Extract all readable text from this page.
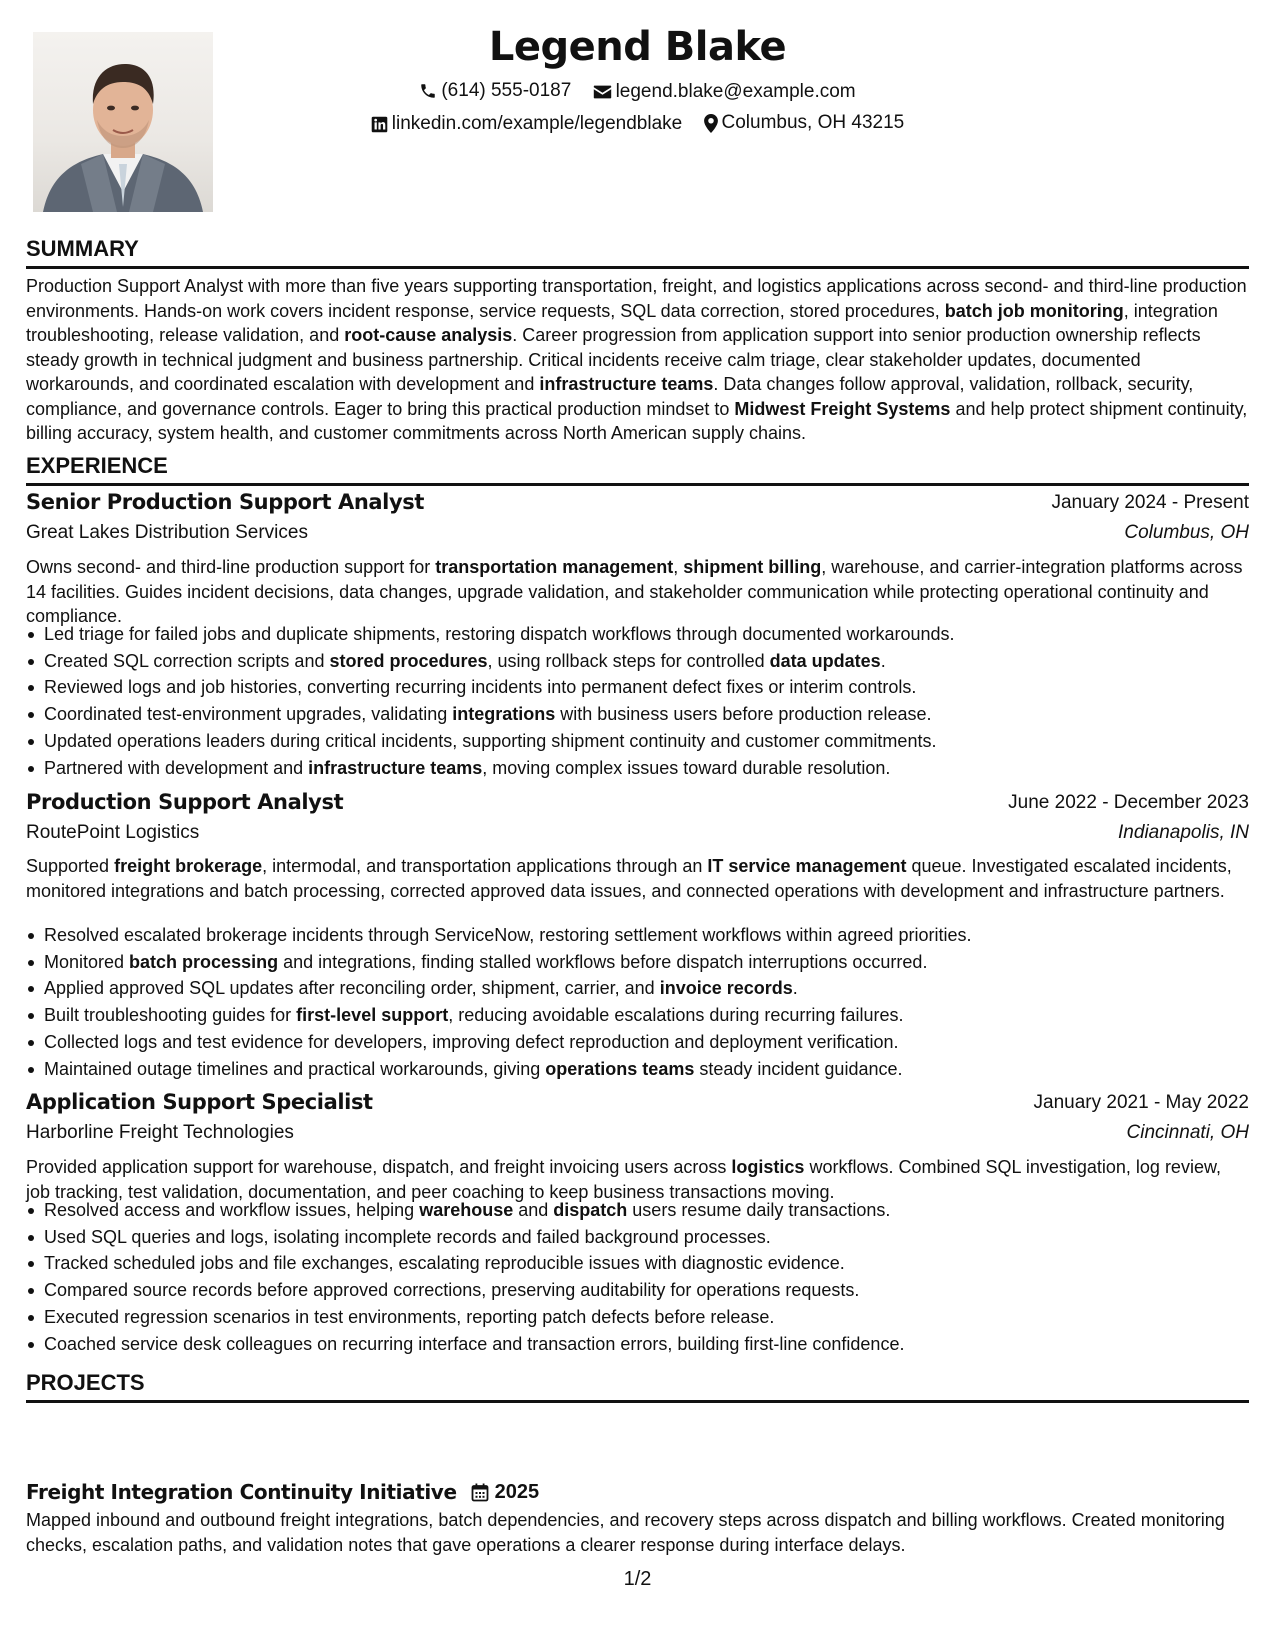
Legend Blake
(614) 555-0187
legend.blake@example.com
linkedin.com/example/legendblake
Columbus, OH 43215
SUMMARY

Production Support Analyst with more than five years supporting transportation, freight, and logistics applications across second- and third-line production environments. Hands-on work covers incident response, service requests, SQL data correction, stored procedures, batch job monitoring, integration troubleshooting, release validation, and root-cause analysis. Career progression from application support into senior production ownership reflects steady growth in technical judgment and business partnership. Critical incidents receive calm triage, clear stakeholder updates, documented workarounds, and coordinated escalation with development and infrastructure teams. Data changes follow approval, validation, rollback, security, compliance, and governance controls. Eager to bring this practical production mindset to Midwest Freight Systems and help protect shipment continuity, billing accuracy, system health, and customer commitments across North American supply chains.

EXPERIENCE
Senior Production Support Analyst	January 2024 - Present
Great Lakes Distribution Services	Columbus, OH

Owns second- and third-line production support for transportation management, shipment billing, warehouse, and carrier-integration platforms across 14 facilities. Guides incident decisions, data changes, upgrade validation, and stakeholder communication while protecting operational continuity and compliance.

Led triage for failed jobs and duplicate shipments, restoring dispatch workflows through documented workarounds.
Created SQL correction scripts and stored procedures, using rollback steps for controlled data updates.
Reviewed logs and job histories, converting recurring incidents into permanent defect fixes or interim controls.
Coordinated test-environment upgrades, validating integrations with business users before production release.
Updated operations leaders during critical incidents, supporting shipment continuity and customer commitments.
Partnered with development and infrastructure teams, moving complex issues toward durable resolution.
Production Support Analyst	June 2022 - December 2023
RoutePoint Logistics	Indianapolis, IN

Supported freight brokerage, intermodal, and transportation applications through an IT service management queue. Investigated escalated incidents, monitored integrations and batch processing, corrected approved data issues, and connected operations with development and infrastructure partners.

Resolved escalated brokerage incidents through ServiceNow, restoring settlement workflows within agreed priorities.
Monitored batch processing and integrations, finding stalled workflows before dispatch interruptions occurred.
Applied approved SQL updates after reconciling order, shipment, carrier, and invoice records.
Built troubleshooting guides for first-level support, reducing avoidable escalations during recurring failures.
Collected logs and test evidence for developers, improving defect reproduction and deployment verification.
Maintained outage timelines and practical workarounds, giving operations teams steady incident guidance.
Application Support Specialist	January 2021 - May 2022
Harborline Freight Technologies	Cincinnati, OH

Provided application support for warehouse, dispatch, and freight invoicing users across logistics workflows. Combined SQL investigation, log review, job tracking, test validation, documentation, and peer coaching to keep business transactions moving.

Resolved access and workflow issues, helping warehouse and dispatch users resume daily transactions.
Used SQL queries and logs, isolating incomplete records and failed background processes.
Tracked scheduled jobs and file exchanges, escalating reproducible issues with diagnostic evidence.
Compared source records before approved corrections, preserving auditability for operations requests.
Executed regression scenarios in test environments, reporting patch defects before release.
Coached service desk colleagues on recurring interface and transaction errors, building first-line confidence.
PROJECTS
Freight Integration Continuity Initiative 2025

Mapped inbound and outbound freight integrations, batch dependencies, and recovery steps across dispatch and billing workflows. Created monitoring checks, escalation paths, and validation notes that gave operations a clearer response during interface delays.

1/2
